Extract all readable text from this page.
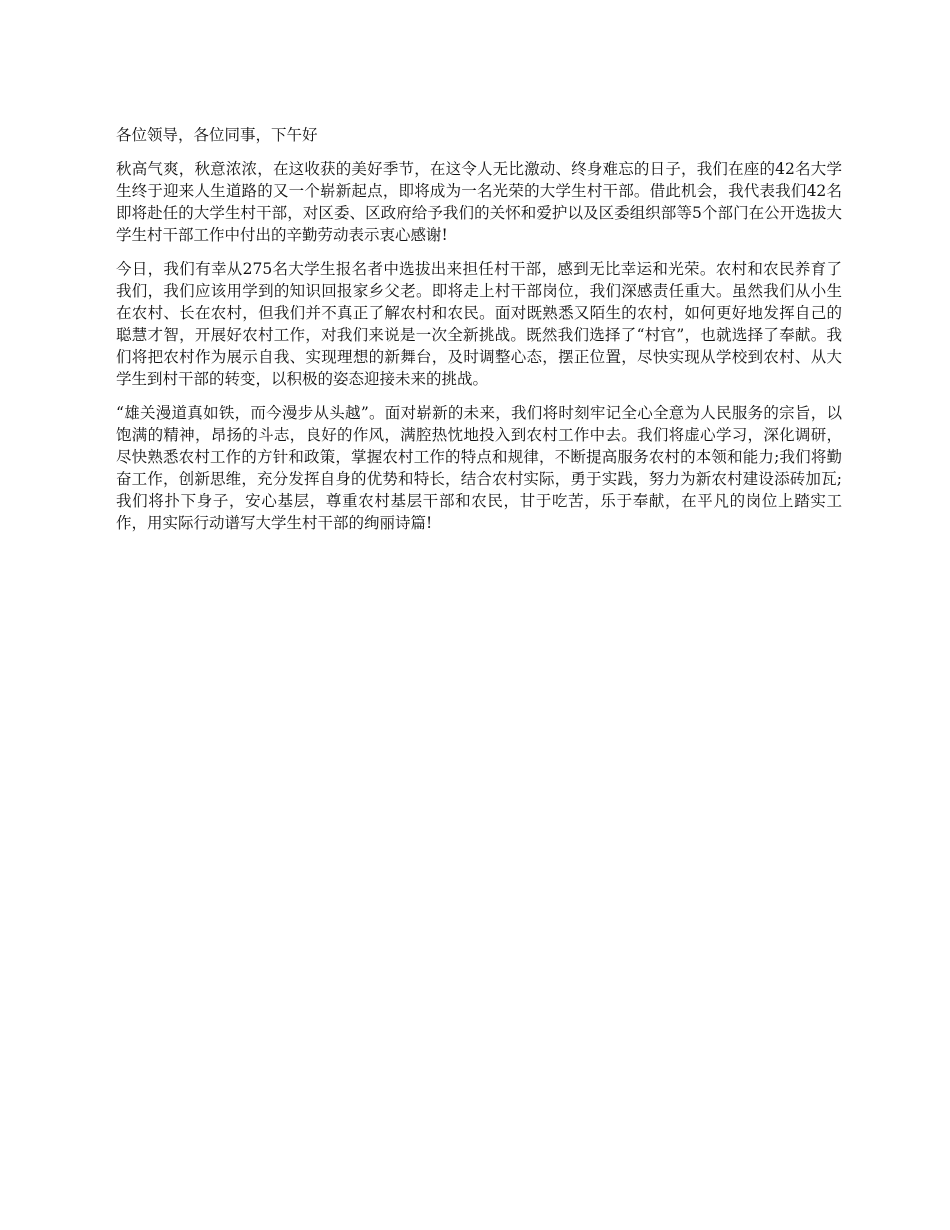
各位领导，各位同事，下午好

秋高气爽，秋意浓浓，在这收获的美好季节，在这令人无比激动、终身难忘的日子，我们在座的42名大学生终于迎来人生道路的又一个崭新起点，即将成为一名光荣的大学生村干部。借此机会，我代表我们42名即将赴任的大学生村干部，对区委、区政府给予我们的关怀和爱护以及区委组织部等5个部门在公开选拔大学生村干部工作中付出的辛勤劳动表示衷心感谢!

今日，我们有幸从275名大学生报名者中选拔出来担任村干部，感到无比幸运和光荣。农村和农民养育了我们，我们应该用学到的知识回报家乡父老。即将走上村干部岗位，我们深感责任重大。虽然我们从小生在农村、长在农村，但我们并不真正了解农村和农民。面对既熟悉又陌生的农村，如何更好地发挥自己的聪慧才智，开展好农村工作，对我们来说是一次全新挑战。既然我们选择了“村官”，也就选择了奉献。我们将把农村作为展示自我、实现理想的新舞台，及时调整心态，摆正位置，尽快实现从学校到农村、从大学生到村干部的转变，以积极的姿态迎接未来的挑战。

“雄关漫道真如铁，而今漫步从头越”。面对崭新的未来，我们将时刻牢记全心全意为人民服务的宗旨，以饱满的精神，昂扬的斗志，良好的作风，满腔热忱地投入到农村工作中去。我们将虚心学习，深化调研，尽快熟悉农村工作的方针和政策，掌握农村工作的特点和规律，不断提高服务农村的本领和能力;我们将勤奋工作，创新思维，充分发挥自身的优势和特长，结合农村实际，勇于实践，努力为新农村建设添砖加瓦;我们将扑下身子，安心基层，尊重农村基层干部和农民，甘于吃苦，乐于奉献，在平凡的岗位上踏实工作，用实际行动谱写大学生村干部的绚丽诗篇!
